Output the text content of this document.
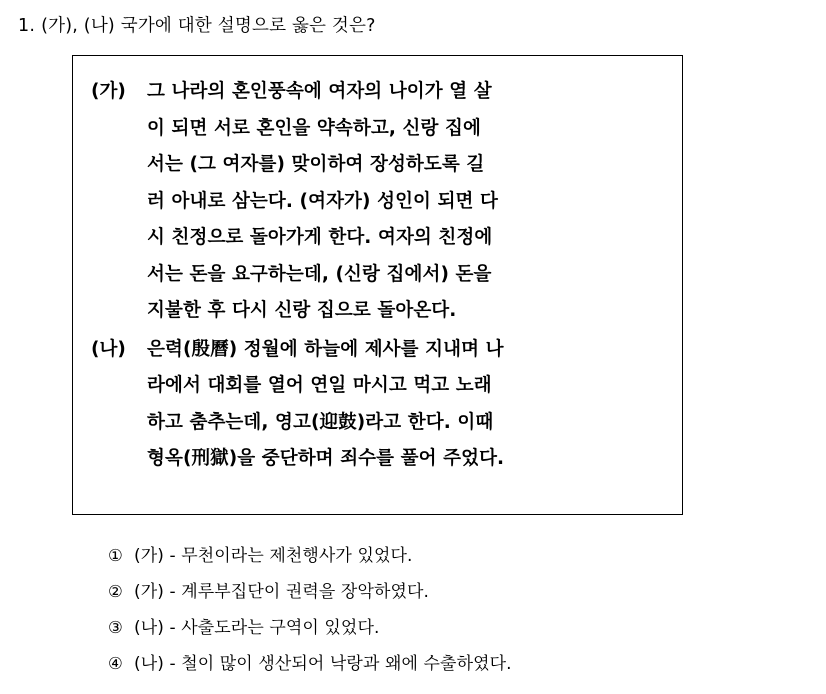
1. (가), (나) 국가에 대한 설명으로 옳은 것은?
(가)	그 나라의 혼인풍속에 여자의 나이가 열 살
이 되면 서로 혼인을 약속하고, 신랑 집에
서는 (그 여자를) 맞이하여 장성하도록 길
러 아내로 삼는다. (여자가) 성인이 되면 다
시 친정으로 돌아가게 한다. 여자의 친정에
서는 돈을 요구하는데, (신랑 집에서) 돈을
지불한 후 다시 신랑 집으로 돌아온다.
(나)	은력(殷曆) 정월에 하늘에 제사를 지내며 나
라에서 대회를 열어 연일 마시고 먹고 노래
하고 춤추는데, 영고(迎鼓)라고 한다. 이때
형옥(刑獄)을 중단하며 죄수를 풀어 주었다.
① (가) - 무천이라는 제천행사가 있었다.
② (가) - 계루부집단이 권력을 장악하였다.
③ (나) - 사출도라는 구역이 있었다.
④ (나) - 철이 많이 생산되어 낙랑과 왜에 수출하였다.
